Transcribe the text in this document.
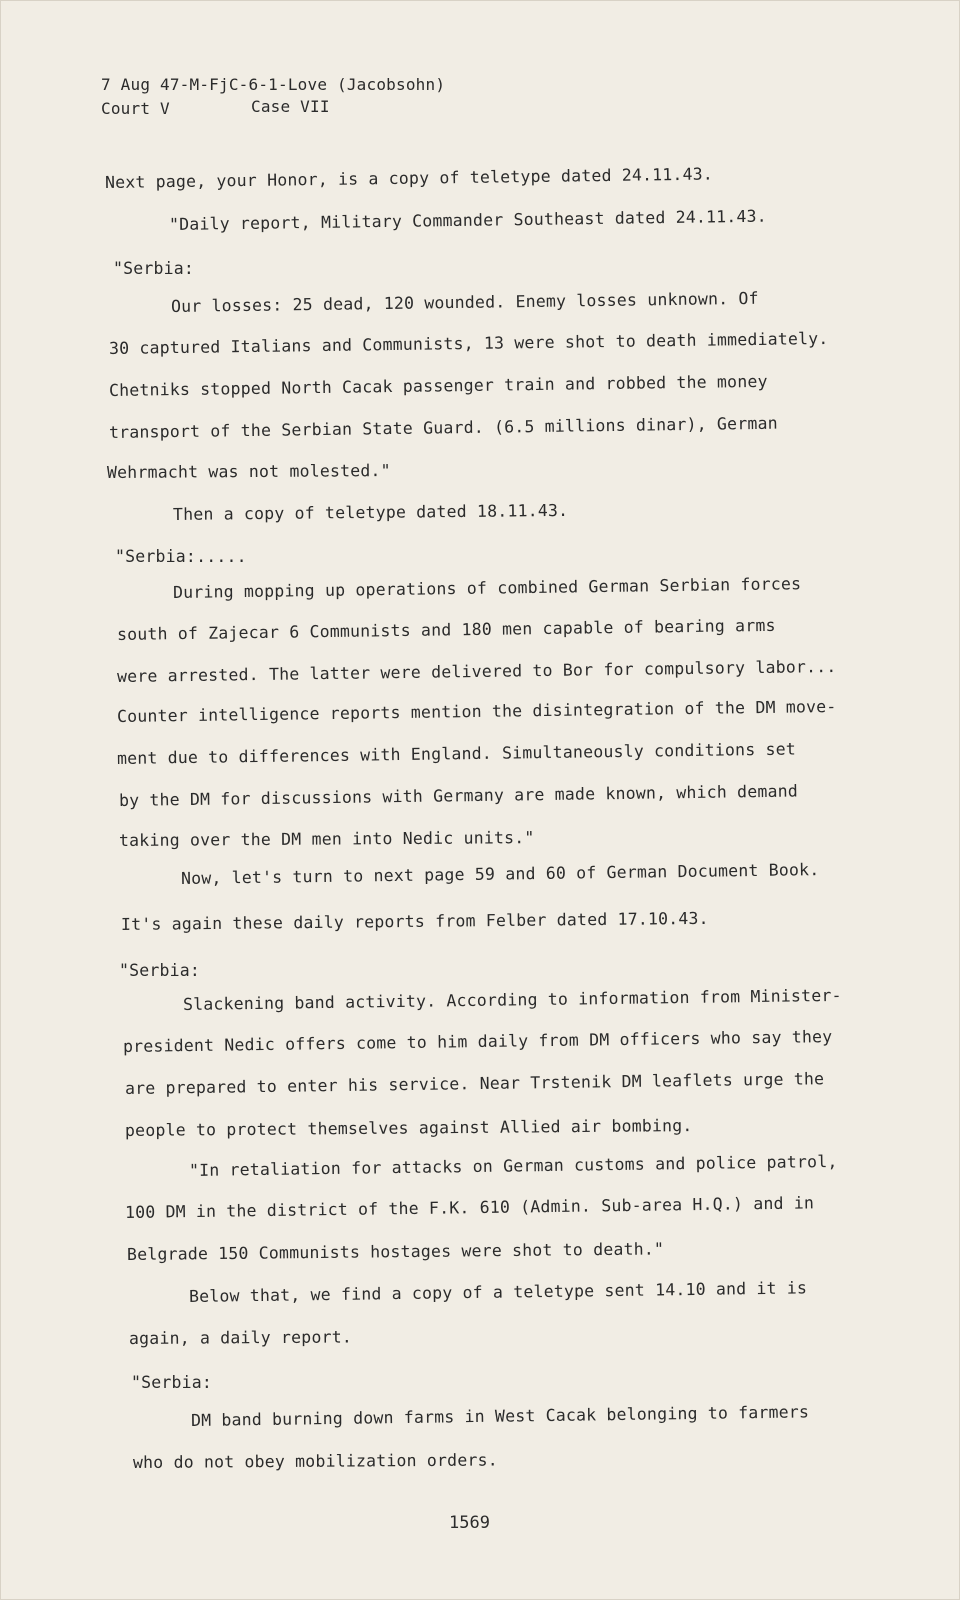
7 Aug 47-M-FjC-6-1-Love (Jacobsohn)
Court V	Case VII
Next page, your Honor, is a copy of teletype dated 24.11.43.
"Daily report, Military Commander Southeast dated 24.11.43.
"Serbia:
Our losses: 25 dead, 120 wounded. Enemy losses unknown. Of
30 captured Italians and Communists, 13 were shot to death immediately.
Chetniks stopped North Cacak passenger train and robbed the money
transport of the Serbian State Guard. (6.5 millions dinar), German
Wehrmacht was not molested."
Then a copy of teletype dated 18.11.43.
"Serbia:.....
During mopping up operations of combined German Serbian forces
south of Zajecar 6 Communists and 180 men capable of bearing arms
were arrested. The latter were delivered to Bor for compulsory labor...
Counter intelligence reports mention the disintegration of the DM move-
ment due to differences with England. Simultaneously conditions set
by the DM for discussions with Germany are made known, which demand
taking over the DM men into Nedic units."
Now, let's turn to next page 59 and 60 of German Document Book.
It's again these daily reports from Felber dated 17.10.43.
"Serbia:
Slackening band activity. According to information from Minister-
president Nedic offers come to him daily from DM officers who say they
are prepared to enter his service. Near Trstenik DM leaflets urge the
people to protect themselves against Allied air bombing.
"In retaliation for attacks on German customs and police patrol,
100 DM in the district of the F.K. 610 (Admin. Sub-area H.Q.) and in
Belgrade 150 Communists hostages were shot to death."
Below that, we find a copy of a teletype sent 14.10 and it is
again, a daily report.
"Serbia:
DM band burning down farms in West Cacak belonging to farmers
who do not obey mobilization orders.
1569
